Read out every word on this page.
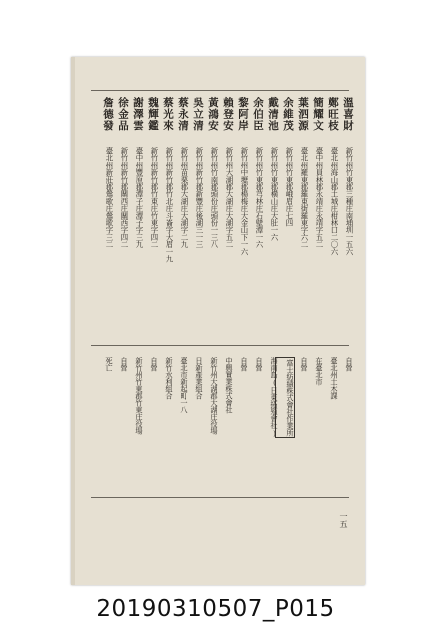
溫喜財
新竹州竹東郡三種庄南埔圳一五六
自營
鄭旺枝
臺北州海山郡土城庄柑林口二〇六
臺北州土木課
簡耀文
臺中州員林郡永靖庄永靖字五二
在臺北市
葉泗源
臺北州羅東郡羅東街羅東字六二
自營
余維茂
新竹州竹東郡峨眉庄七四
富士紡績株式會社作業所
戴清池
新竹州竹東郡橫山庄大肚一六
海南島(日東拓殖會社)
余伯臣
新竹州竹東郡芎林庄石壁潭一六
自營
黎阿岸
新竹州中壢郡楊梅庄大金山下一六
自營
賴登安
新竹州大湖郡大湖庄大湖字五二
中興實業株式會社
黃鴻安
新竹州竹南郡頭份庄頭份一三八
新竹州大湖郡大湖庄役場
吳立清
新竹州新竹郡新豐庄後湖三一三
日新產業組合
蔡永清
新竹州苗栗郡大湖庄大湖字二九
臺北市新起町一八
蔡光來
新竹州新竹郡竹北庄斗崙字大眉一九
新竹水利組合
魏輝鑑
新竹州新竹郡竹東庄竹東字四二
自營
謝澤雲
臺中州豐原郡潭子庄潭子字三九
新竹州竹東郡竹東庄役場
徐金品
新竹州新竹郡關西庄關西字四二
自營
詹德發
臺北州新莊郡鶯歌庄鶯歌字三二
死亡
一五
20190310507_P015
